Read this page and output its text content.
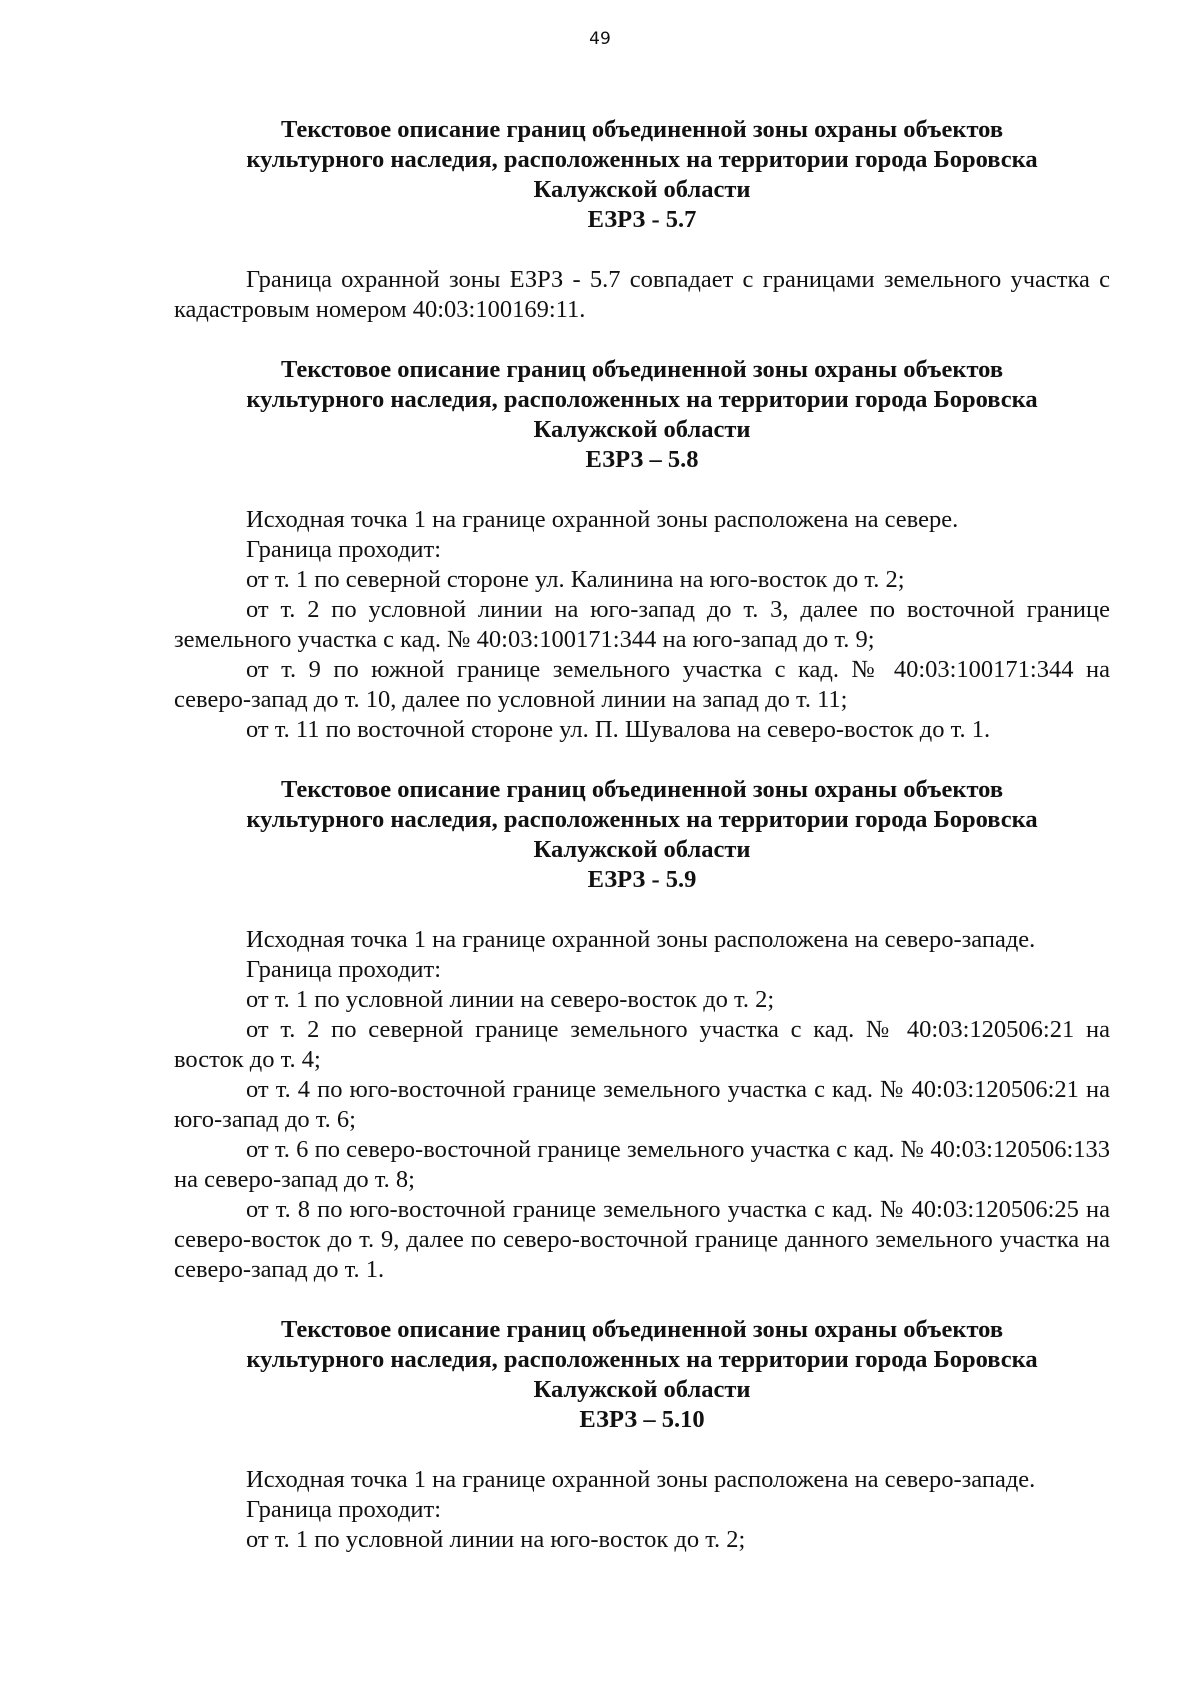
49
Текстовое описание границ объединенной зоны охраны объектов
культурного наследия, расположенных на территории города Боровска
Калужской области
ЕЗРЗ - 5.7

Граница охранной зоны ЕЗРЗ - 5.7 совпадает с границами земельного участка с кадастровым номером 40:03:100169:11.

Текстовое описание границ объединенной зоны охраны объектов
культурного наследия, расположенных на территории города Боровска
Калужской области
ЕЗРЗ – 5.8

Исходная точка 1 на границе охранной зоны расположена на севере.

Граница проходит:

от т. 1 по северной стороне ул. Калинина на юго-восток до т. 2;

от т. 2 по условной линии на юго-запад до т. 3, далее по восточной границе земельного участка с кад. № 40:03:100171:344 на юго-запад до т. 9;

от т. 9 по южной границе земельного участка с кад. № 40:03:100171:344 на северо-запад до т. 10, далее по условной линии на запад до т. 11;

от т. 11 по восточной стороне ул. П. Шувалова на северо-восток до т. 1.

Текстовое описание границ объединенной зоны охраны объектов
культурного наследия, расположенных на территории города Боровска
Калужской области
ЕЗРЗ - 5.9

Исходная точка 1 на границе охранной зоны расположена на северо-западе.

Граница проходит:

от т. 1 по условной линии на северо-восток до т. 2;

от т. 2 по северной границе земельного участка с кад. № 40:03:120506:21 на восток до т. 4;

от т. 4 по юго-восточной границе земельного участка с кад. № 40:03:120506:21 на юго-запад до т. 6;

от т. 6 по северо-восточной границе земельного участка с кад. № 40:03:120506:133 на северо-запад до т. 8;

от т. 8 по юго-восточной границе земельного участка с кад. № 40:03:120506:25 на северо-восток до т. 9, далее по северо-восточной границе данного земельного участка на северо-запад до т. 1.

Текстовое описание границ объединенной зоны охраны объектов
культурного наследия, расположенных на территории города Боровска
Калужской области
ЕЗРЗ – 5.10

Исходная точка 1 на границе охранной зоны расположена на северо-западе.

Граница проходит:

от т. 1 по условной линии на юго-восток до т. 2;
